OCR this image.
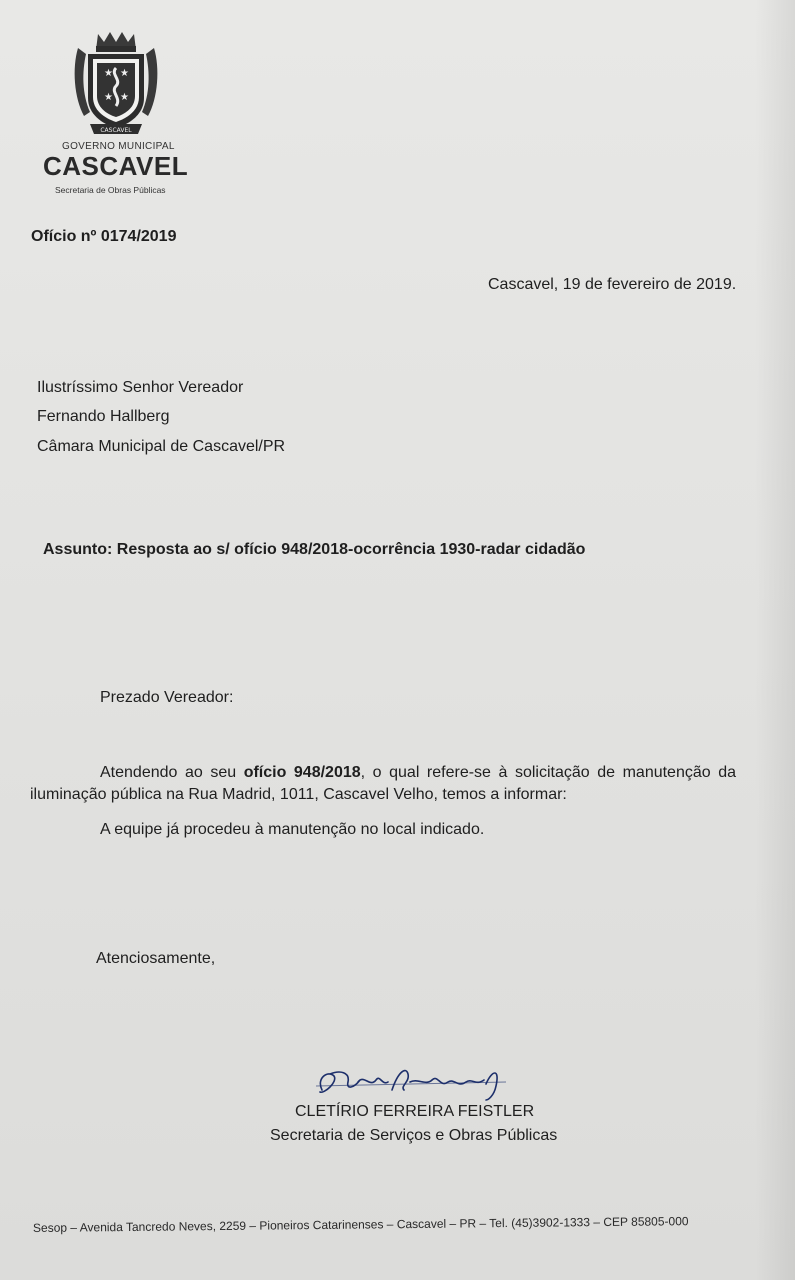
★ ★
★ ★
CASCAVEL
GOVERNO MUNICIPAL
CASCAVEL
Secretaria de Obras Públicas
Ofício nº 0174/2019
Cascavel, 19 de fevereiro de 2019.
Ilustríssimo Senhor Vereador
Fernando Hallberg
Câmara Municipal de Cascavel/PR
Assunto: Resposta ao s/ ofício 948/2018-ocorrência 1930-radar cidadão
Prezado Vereador:
Atendendo ao seu ofício 948/2018, o qual refere-se à solicitação de manutenção da
iluminação pública na Rua Madrid, 1011, Cascavel Velho, temos a informar:
A equipe já procedeu à manutenção no local indicado.
Atenciosamente,
CLETÍRIO FERREIRA FEISTLER
Secretaria de Serviços e Obras Públicas
Sesop – Avenida Tancredo Neves, 2259 – Pioneiros Catarinenses – Cascavel – PR – Tel. (45)3902-1333 – CEP 85805-000
